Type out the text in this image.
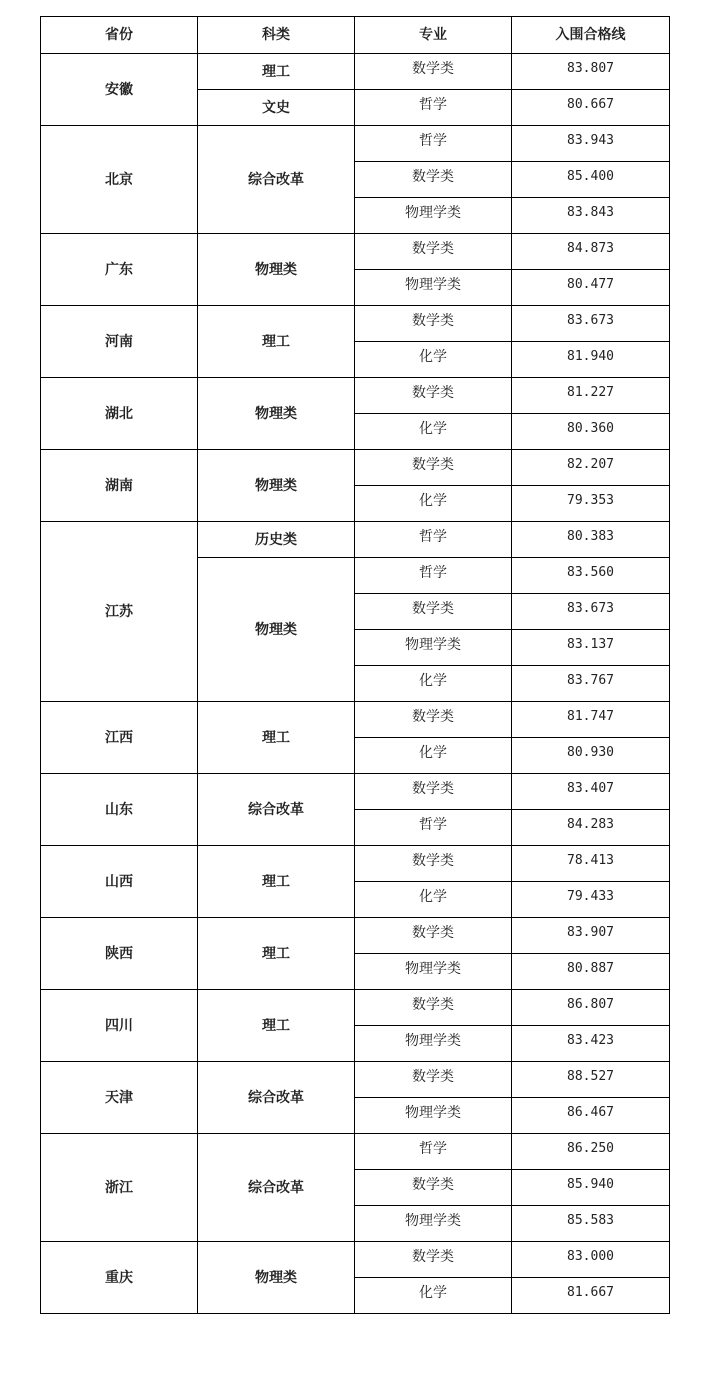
省份	科类	专业	入围合格线
安徽	理工	数学类	83.807
	文史	哲学	80.667
北京	综合改革	哲学	83.943
		数学类	85.400
		物理学类	83.843
广东	物理类	数学类	84.873
		物理学类	80.477
河南	理工	数学类	83.673
		化学	81.940
湖北	物理类	数学类	81.227
		化学	80.360
湖南	物理类	数学类	82.207
		化学	79.353
江苏	历史类	哲学	80.383
	物理类	哲学	83.560
		数学类	83.673
		物理学类	83.137
		化学	83.767
江西	理工	数学类	81.747
		化学	80.930
山东	综合改革	数学类	83.407
		哲学	84.283
山西	理工	数学类	78.413
		化学	79.433
陕西	理工	数学类	83.907
		物理学类	80.887
四川	理工	数学类	86.807
		物理学类	83.423
天津	综合改革	数学类	88.527
		物理学类	86.467
浙江	综合改革	哲学	86.250
		数学类	85.940
		物理学类	85.583
重庆	物理类	数学类	83.000
		化学	81.667
